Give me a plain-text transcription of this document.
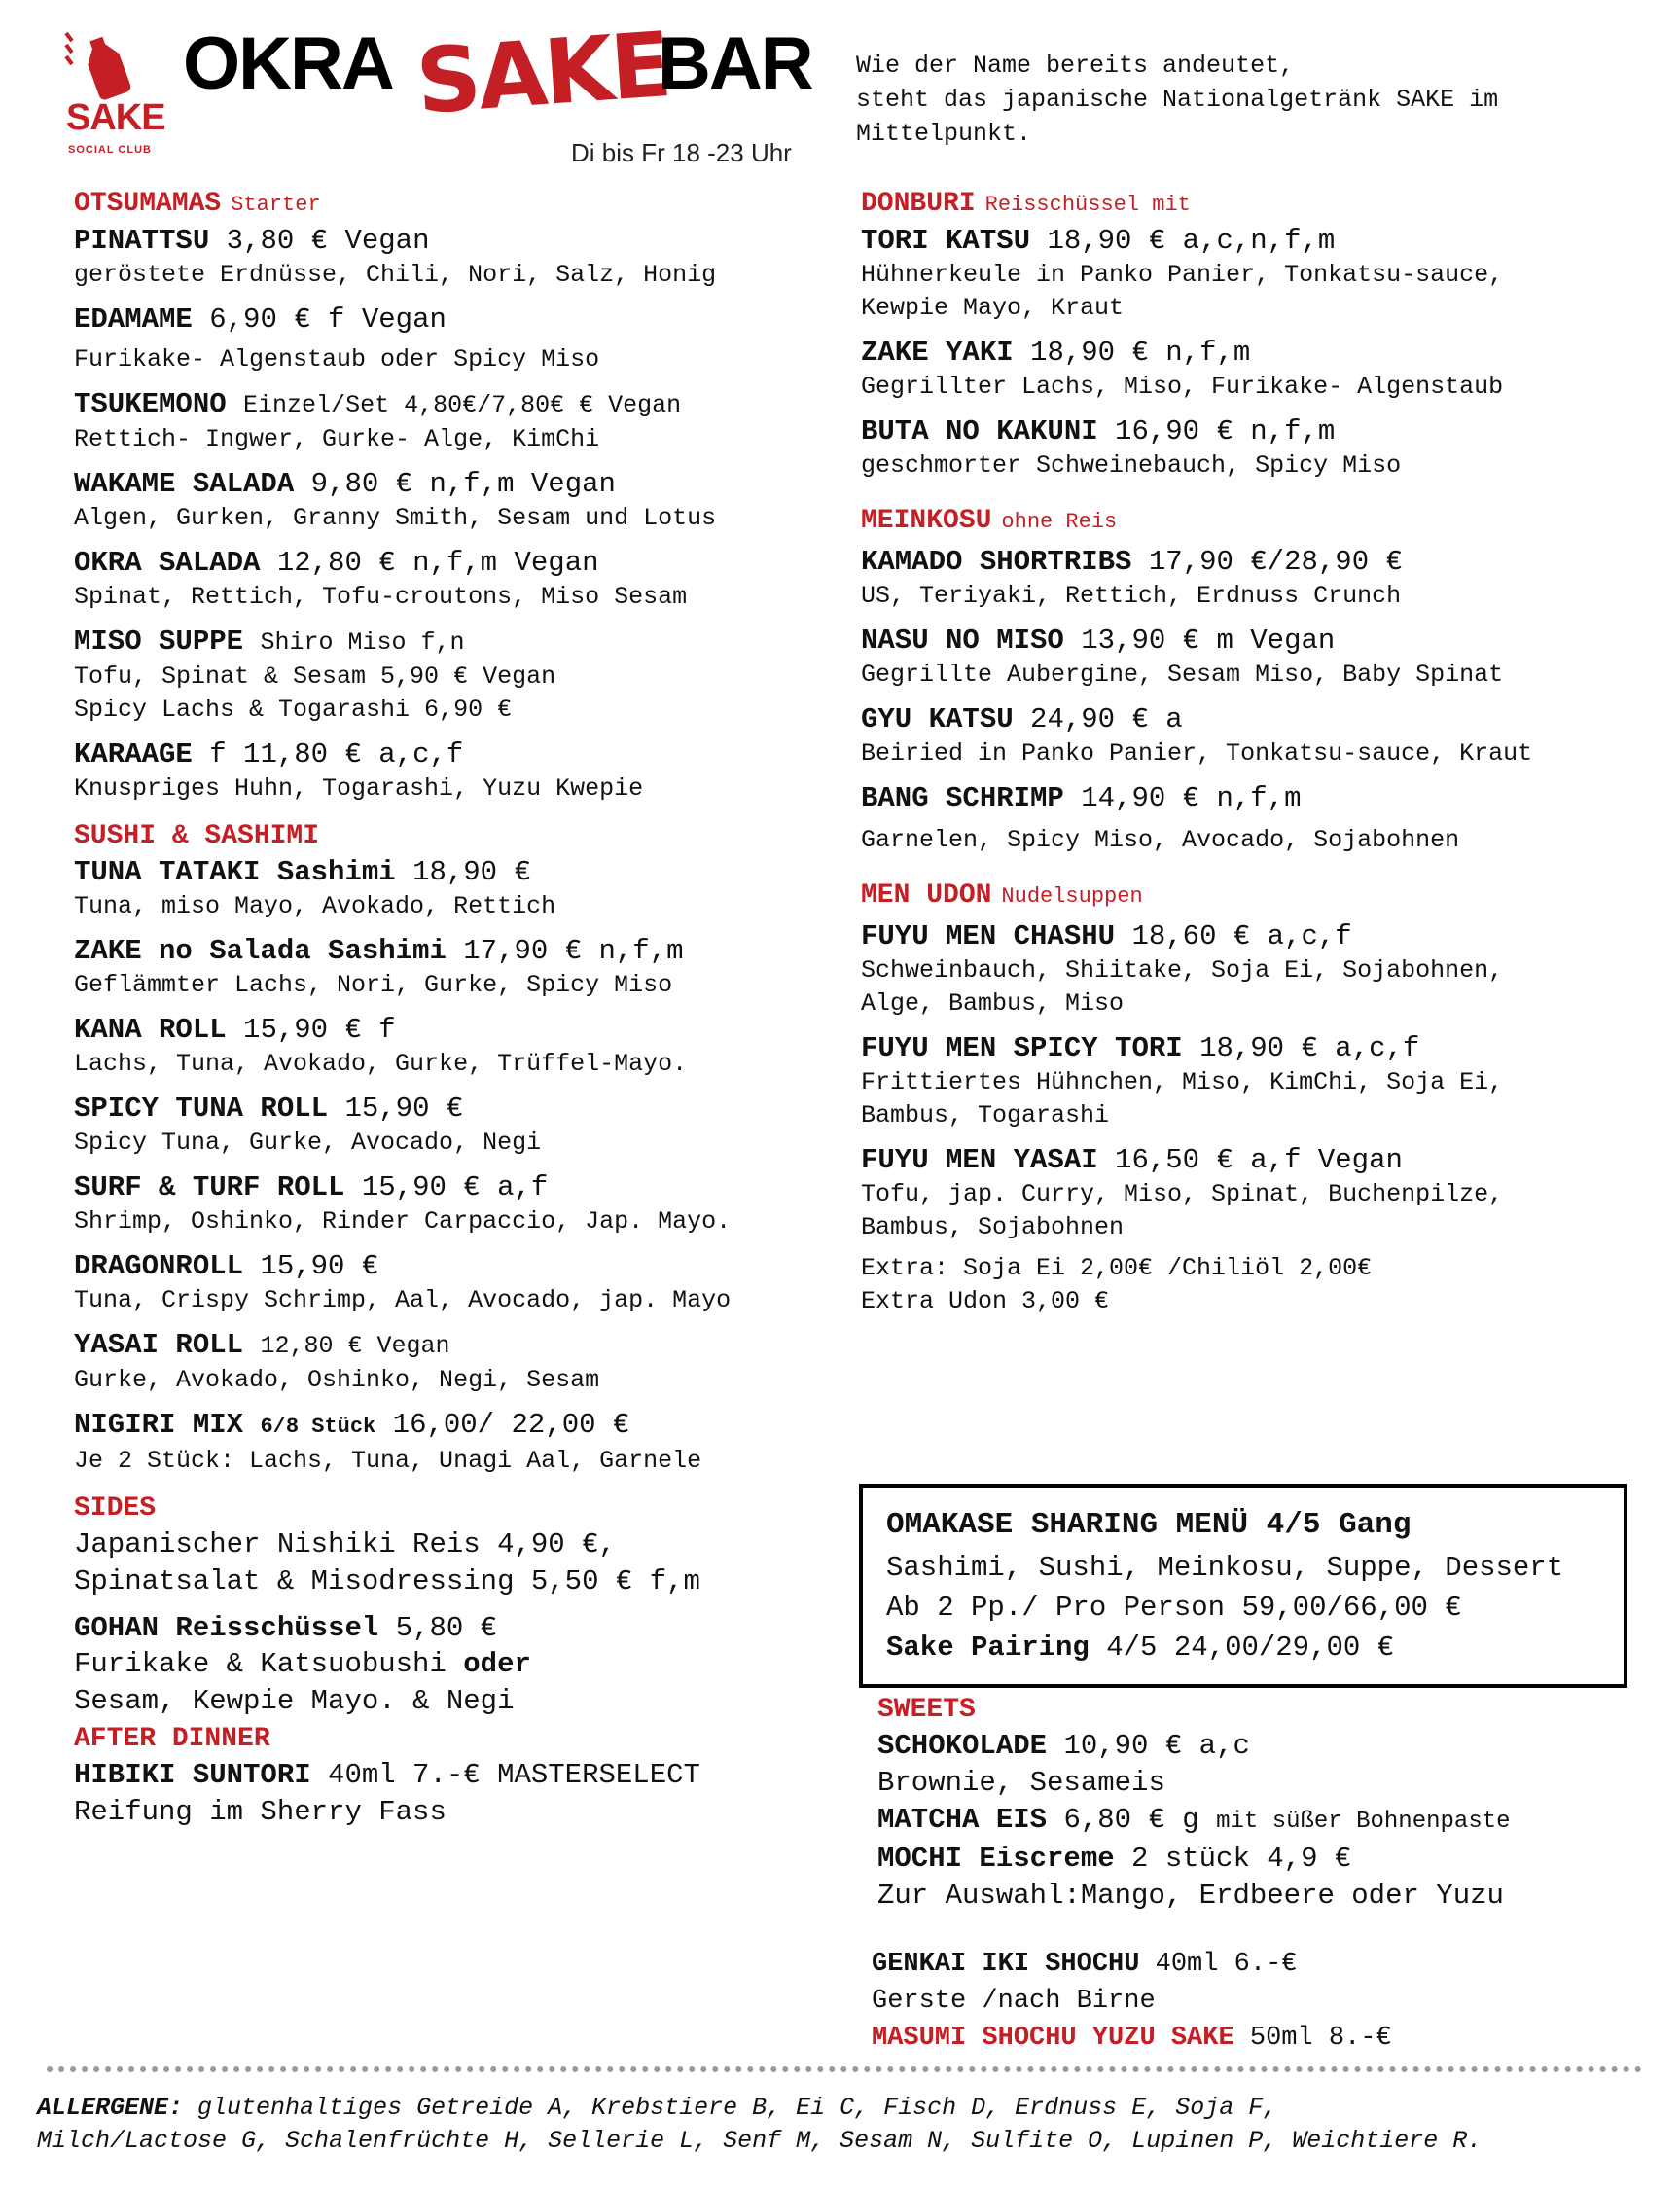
SAKE
SOCIAL CLUB
OKRA SAKE
BAR
Di bis Fr 18 -23 Uhr
Wie der Name bereits andeutet,
steht das japanische Nationalgetränk SAKE im
Mittelpunkt.
OTSUMAMAS Starter
PINATTSU 3,80 € Vegan
geröstete Erdnüsse, Chili, Nori, Salz, Honig
EDAMAME 6,90 € f Vegan
Furikake- Algenstaub oder Spicy Miso
TSUKEMONO Einzel/Set 4,80€/7,80€ € Vegan
Rettich- Ingwer, Gurke- Alge, KimChi
WAKAME SALADA 9,80 € n,f,m Vegan
Algen, Gurken, Granny Smith, Sesam und Lotus
OKRA SALADA 12,80 € n,f,m Vegan
Spinat, Rettich, Tofu-croutons, Miso Sesam
MISO SUPPE Shiro Miso f,n
Tofu, Spinat & Sesam 5,90 € Vegan
Spicy Lachs & Togarashi 6,90 €
KARAAGE f 11,80 € a,c,f
Knuspriges Huhn, Togarashi, Yuzu Kwepie
SUSHI & SASHIMI
TUNA TATAKI Sashimi 18,90 €
Tuna, miso Mayo, Avokado, Rettich
ZAKE no Salada Sashimi 17,90 € n,f,m
Geflämmter Lachs, Nori, Gurke, Spicy Miso
KANA ROLL 15,90 € f
Lachs, Tuna, Avokado, Gurke, Trüffel-Mayo.
SPICY TUNA ROLL 15,90 €
Spicy Tuna, Gurke, Avocado, Negi
SURF & TURF ROLL 15,90 € a,f
Shrimp, Oshinko, Rinder Carpaccio, Jap. Mayo.
DRAGONROLL 15,90 €
Tuna, Crispy Schrimp, Aal, Avocado, jap. Mayo
YASAI ROLL 12,80 € Vegan
Gurke, Avokado, Oshinko, Negi, Sesam
NIGIRI MIX 6/8 Stück 16,00/ 22,00 €
Je 2 Stück: Lachs, Tuna, Unagi Aal, Garnele
SIDES
Japanischer Nishiki Reis 4,90 €,
Spinatsalat & Misodressing 5,50 € f,m
GOHAN Reisschüssel 5,80 €
Furikake & Katsuobushi oder
Sesam, Kewpie Mayo. & Negi
AFTER DINNER
HIBIKI SUNTORI 40ml 7.-€ MASTERSELECT
Reifung im Sherry Fass
DONBURI Reisschüssel mit
TORI KATSU 18,90 € a,c,n,f,m
Hühnerkeule in Panko Panier, Tonkatsu-sauce,
Kewpie Mayo, Kraut
ZAKE YAKI 18,90 € n,f,m
Gegrillter Lachs, Miso, Furikake- Algenstaub
BUTA NO KAKUNI 16,90 € n,f,m
geschmorter Schweinebauch, Spicy Miso
MEINKOSU ohne Reis
KAMADO SHORTRIBS 17,90 €/28,90 €
US, Teriyaki, Rettich, Erdnuss Crunch
NASU NO MISO 13,90 € m Vegan
Gegrillte Aubergine, Sesam Miso, Baby Spinat
GYU KATSU 24,90 € a
Beiried in Panko Panier, Tonkatsu-sauce, Kraut
BANG SCHRIMP 14,90 € n,f,m
Garnelen, Spicy Miso, Avocado, Sojabohnen
MEN UDON Nudelsuppen
FUYU MEN CHASHU 18,60 € a,c,f
Schweinbauch, Shiitake, Soja Ei, Sojabohnen,
Alge, Bambus, Miso
FUYU MEN SPICY TORI 18,90 € a,c,f
Frittiertes Hühnchen, Miso, KimChi, Soja Ei,
Bambus, Togarashi
FUYU MEN YASAI 16,50 € a,f Vegan
Tofu, jap. Curry, Miso, Spinat, Buchenpilze,
Bambus, Sojabohnen
Extra: Soja Ei 2,00€ /Chiliöl 2,00€
Extra Udon 3,00 €
OMAKASE SHARING MENÜ 4/5 Gang
Sashimi, Sushi, Meinkosu, Suppe, Dessert
Ab 2 Pp./ Pro Person 59,00/66,00 €
Sake Pairing 4/5 24,00/29,00 €
SWEETS
SCHOKOLADE 10,90 € a,c
Brownie, Sesameis
MATCHA EIS 6,80 € g mit süßer Bohnenpaste
MOCHI Eiscreme 2 stück 4,9 €
Zur Auswahl:Mango, Erdbeere oder Yuzu
GENKAI IKI SHOCHU 40ml 6.-€
Gerste /nach Birne
MASUMI SHOCHU YUZU SAKE 50ml 8.-€
ALLERGENE: glutenhaltiges Getreide A, Krebstiere B, Ei C, Fisch D, Erdnuss E, Soja F,
Milch/Lactose G, Schalenfrüchte H, Sellerie L, Senf M, Sesam N, Sulfite O, Lupinen P, Weichtiere R.
